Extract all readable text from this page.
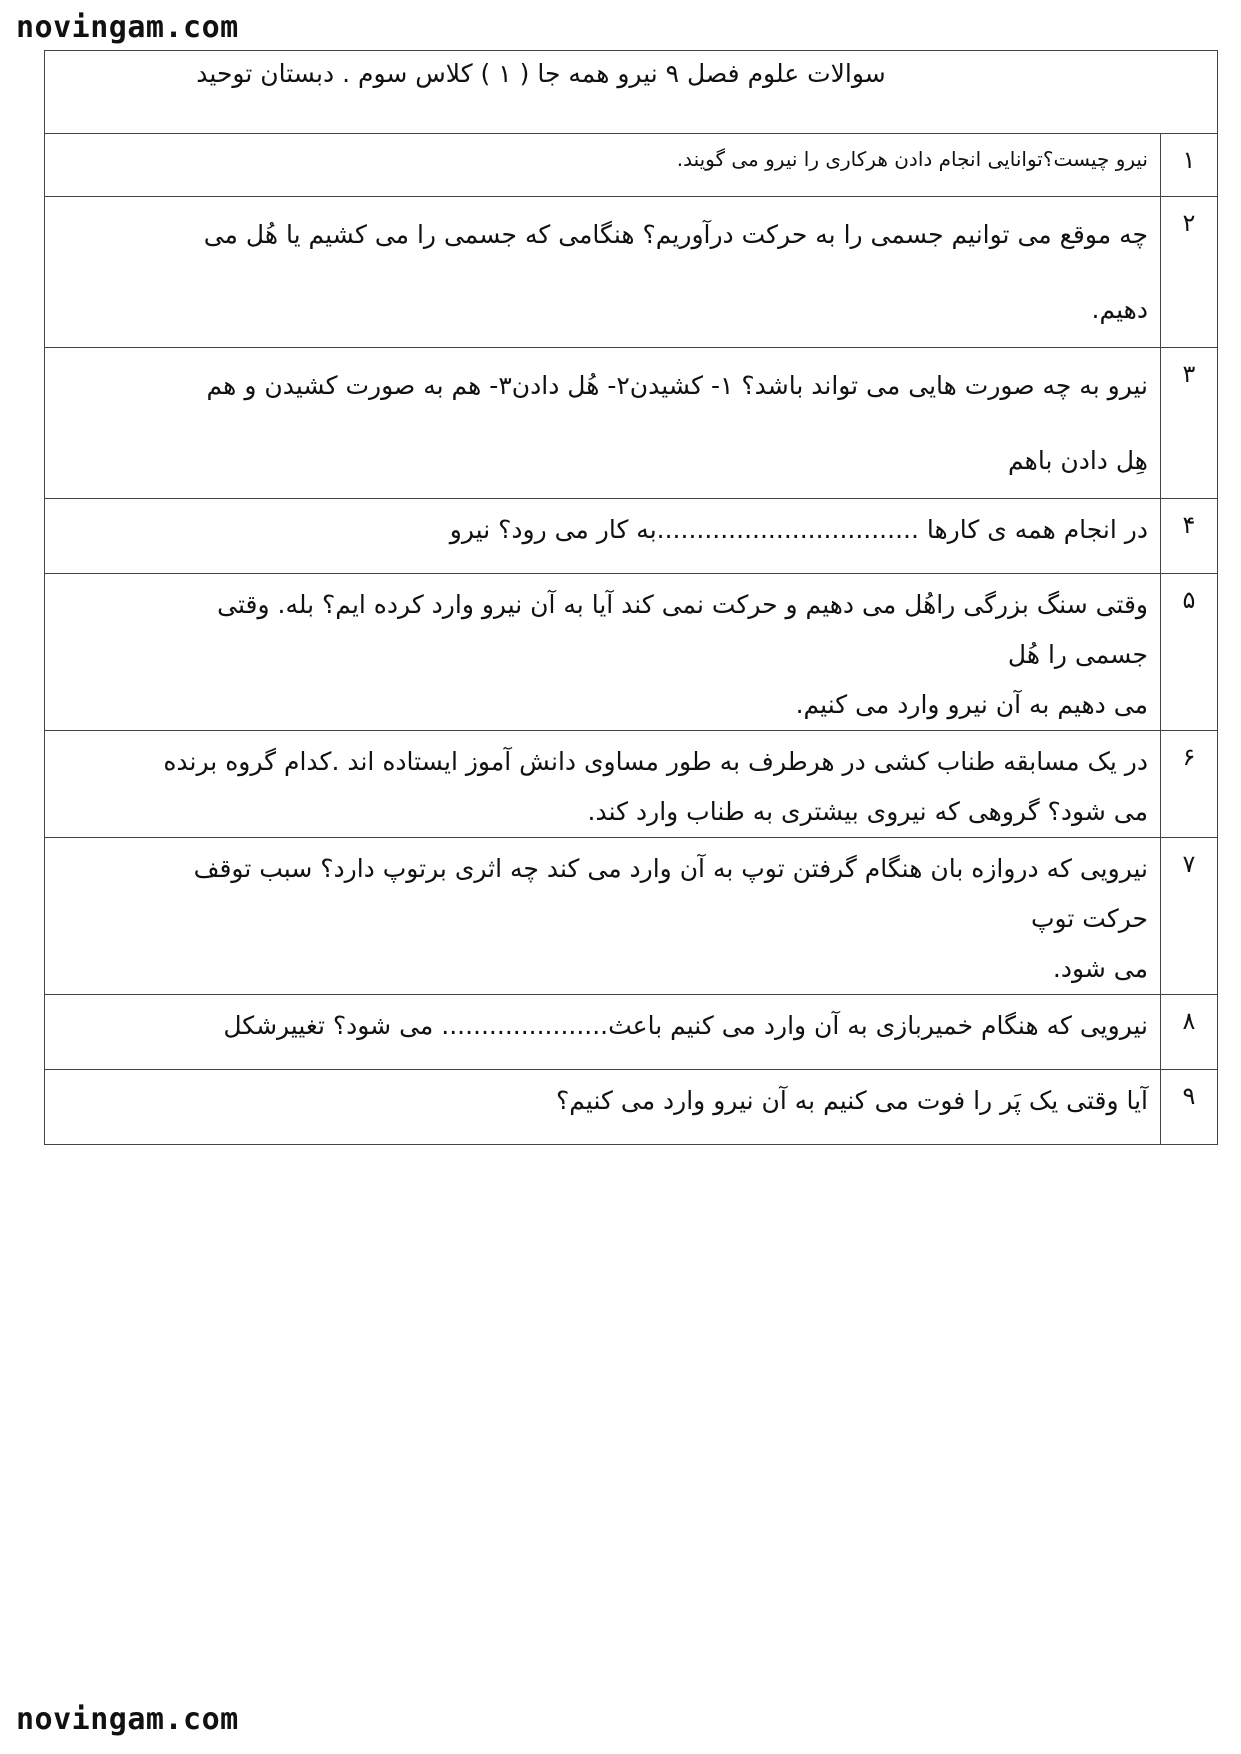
novingam.com
سوالات علوم فصل ۹ نیرو همه جا ( ۱ ) کلاس سوم . دبستان توحید	
۱	نیرو چیست؟توانایی انجام دادن هرکاری را نیرو می گویند.

۲	چه موقع می توانیم جسمی را به حرکت درآوریم؟ هنگامی که جسمی را می کشیم یا هُل می
دهیم.

۳	نیرو به چه صورت هایی می تواند باشد؟ ۱- کشیدن۲- هُل دادن۳- هم به صورت کشیدن و هم
هِل دادن باهم

۴	در انجام همه ی کارها .................................به کار می رود؟ نیرو

۵	وقتی سنگ بزرگی راهُل می دهیم و حرکت نمی کند آیا به آن نیرو وارد کرده ایم؟ بله. وقتی
جسمی را هُل
می دهیم به آن نیرو وارد می کنیم.

۶	در یک مسابقه طناب کشی در هرطرف به طور مساوی دانش آموز ایستاده اند .کدام گروه برنده
می شود؟ گروهی که نیروی بیشتری به طناب وارد کند.

۷	نیرویی که دروازه بان هنگام گرفتن توپ به آن وارد می کند چه اثری برتوپ دارد؟ سبب توقف
حرکت توپ
می شود.

۸	نیرویی که هنگام خمیربازی به آن وارد می کنیم باعث..................... می شود؟ تغییرشکل

۹	آیا وقتی یک پَر را فوت می کنیم به آن نیرو وارد می کنیم؟
novingam.com
